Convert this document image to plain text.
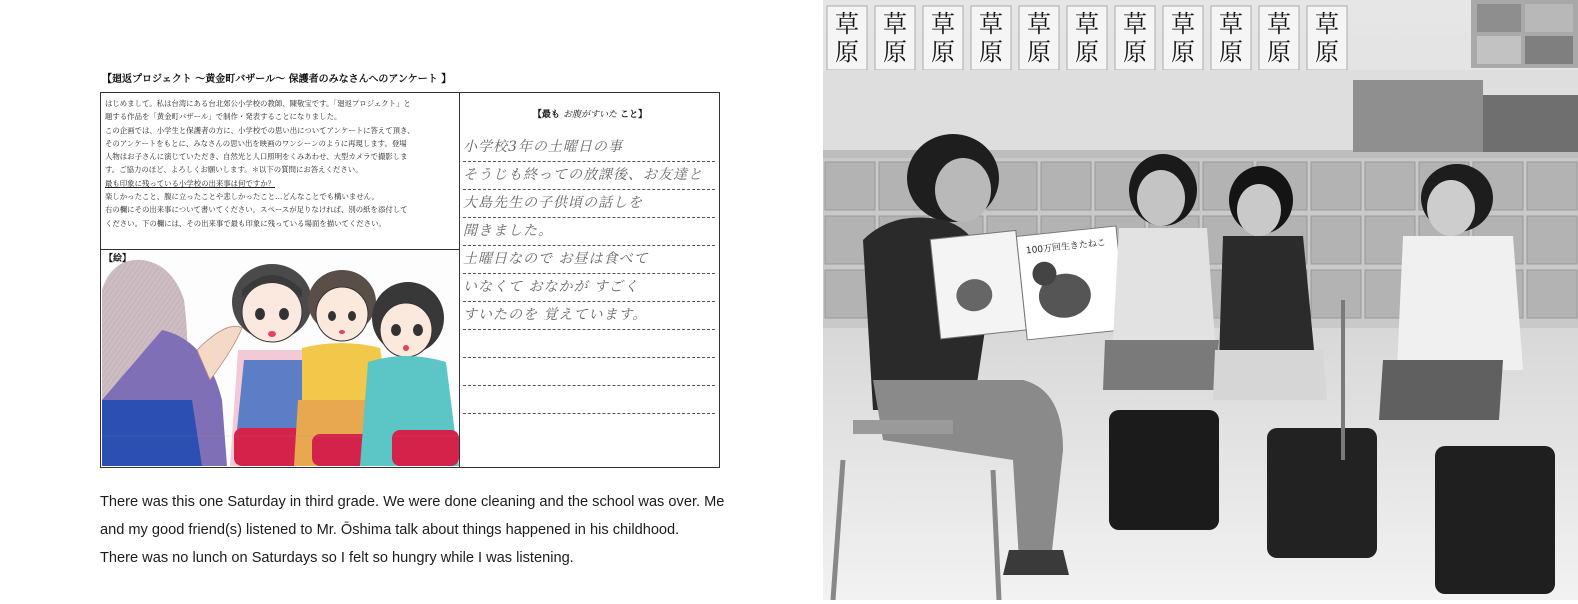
【廻返プロジェクト ～黄金町バザール～ 保護者のみなさんへのアンケート 】
はじめまして。私は台湾にある台北郊公小学校の教師、陳敬宝です。「廻返プロジェクト」と
題する作品を「黄金町バザール」で制作・発表することになりました。
この企画では、小学生と保護者の方に、小学校での思い出についてアンケートに答えて頂き、
そのアンケートをもとに、みなさんの思い出を映画のワンシーンのように再現します。登場
人物はお子さんに演じていただき、自然光と人口照明をくみあわせ、大型カメラで撮影しま
す。ご協力のほど、よろしくお願いします。＊以下の質問にお答えください。
最も印象に残っている小学校の出来事は何ですか？
楽しかったこと、腹に立ったことや悲しかったこと…どんなことでも構いません。
右の欄にその出来事について書いてください。スペースが足りなければ、別の紙を添付して
ください。下の欄には、その出来事で最も印象に残っている場面を描いてください。
【絵】
【最も お腹がすいた こと】
小学校3年の土曜日の事
そうじも終っての放課後、お友達と
大島先生の子供頃の話しを
聞きました。
土曜日なので お昼は食べて
いなくて おなかが すごく
すいたのを 覚えています。
There was this one Saturday in third grade. We were done cleaning and the school was over. Me
and my good friend(s) listened to Mr. Ōshima talk about things happened in his childhood.
There was no lunch on Saturdays so I felt so hungry while I was listening.
草
原
草
原
草
原
草
原
草
原
草
原
草
原
草
原
草
原
草
原
草
原
100万回生きたねこ
